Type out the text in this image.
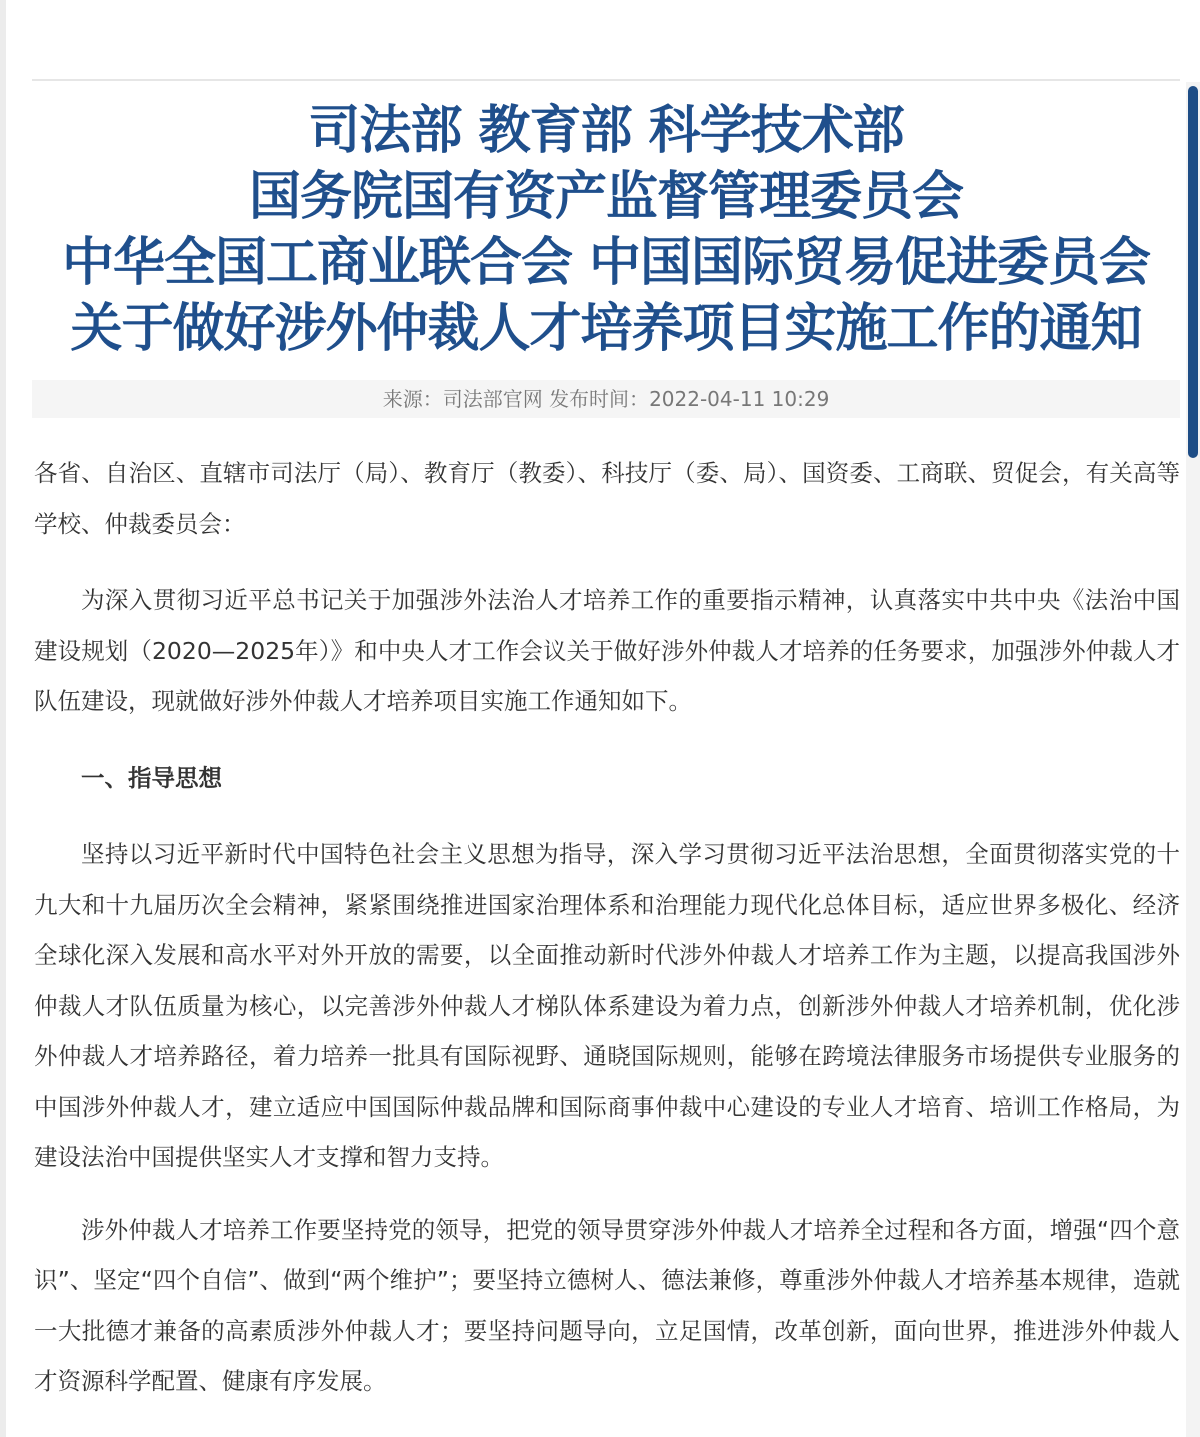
司法部 教育部 科学技术部
国务院国有资产监督管理委员会
中华全国工商业联合会 中国国际贸易促进委员会
关于做好涉外仲裁人才培养项目实施工作的通知
来源：司法部官网 发布时间：2022-04-11 10:29

各省、自治区、直辖市司法厅（局）、教育厅（教委）、科技厅（委、局）、国资委、工商联、贸促会，有关高等学校、仲裁委员会：

为深入贯彻习近平总书记关于加强涉外法治人才培养工作的重要指示精神，认真落实中共中央《法治中国建设规划（2020—2025年）》和中央人才工作会议关于做好涉外仲裁人才培养的任务要求，加强涉外仲裁人才队伍建设，现就做好涉外仲裁人才培养项目实施工作通知如下。

一、指导思想

坚持以习近平新时代中国特色社会主义思想为指导，深入学习贯彻习近平法治思想，全面贯彻落实党的十九大和十九届历次全会精神，紧紧围绕推进国家治理体系和治理能力现代化总体目标，适应世界多极化、经济全球化深入发展和高水平对外开放的需要，以全面推动新时代涉外仲裁人才培养工作为主题，以提高我国涉外仲裁人才队伍质量为核心，以完善涉外仲裁人才梯队体系建设为着力点，创新涉外仲裁人才培养机制，优化涉外仲裁人才培养路径，着力培养一批具有国际视野、通晓国际规则，能够在跨境法律服务市场提供专业服务的中国涉外仲裁人才，建立适应中国国际仲裁品牌和国际商事仲裁中心建设的专业人才培育、培训工作格局，为建设法治中国提供坚实人才支撑和智力支持。

涉外仲裁人才培养工作要坚持党的领导，把党的领导贯穿涉外仲裁人才培养全过程和各方面，增强“四个意识”、坚定“四个自信”、做到“两个维护”；要坚持立德树人、德法兼修，尊重涉外仲裁人才培养基本规律，造就一大批德才兼备的高素质涉外仲裁人才；要坚持问题导向，立足国情，改革创新，面向世界，推进涉外仲裁人才资源科学配置、健康有序发展。
